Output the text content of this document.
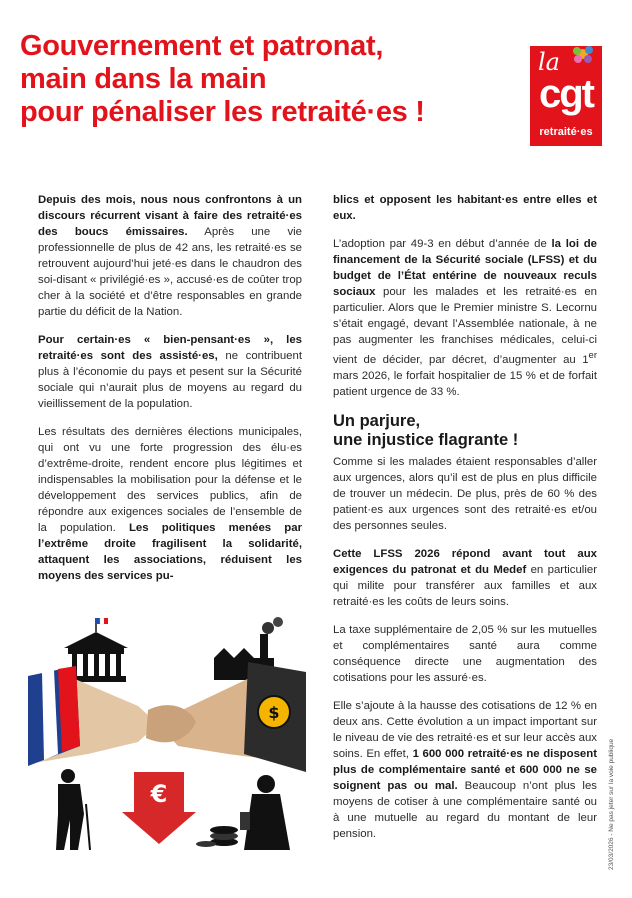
Gouvernement et patronat,
main dans la main
pour pénaliser les retraité·es !
la
cgt
retraité·es

Depuis des mois, nous nous confrontons à un discours récurrent visant à faire des retraité·es des boucs émissaires. Après une vie professionnelle de plus de 42 ans, les retraité·es se retrouvent aujourd’hui jeté·es dans le chaudron des soi-disant « privilégié·es », accusé·es de coûter trop cher à la société et d’être responsables en grande partie du déficit de la Nation.

Pour certain·es « bien-pensant·es », les retraité·es sont des assisté·es, ne contribuent plus à l’économie du pays et pesent sur la Sécurité sociale qui n’aurait plus de moyens au regard du vieillissement de la population.

Les résultats des dernières élections municipales, qui ont vu une forte progression des élu·es d’extrême-droite, rendent encore plus légitimes et indispensables la mobilisation pour la défense et le développement des services publics, afin de répondre aux exigences sociales de l’ensemble de la population. Les politiques menées par l’extrême droite fragilisent la solidarité, attaquent les associations, réduisent les moyens des services pu-

$
€

blics et opposent les habitant·es entre elles et eux.

L’adoption par 49-3 en début d’année de la loi de financement de la Sécurité sociale (LFSS) et du budget de l’État entérine de nouveaux reculs sociaux pour les malades et les retraité·es en particulier. Alors que le Premier ministre S. Lecornu s’était engagé, devant l’Assemblée nationale, à ne pas augmenter les franchises médicales, celui-ci vient de décider, par décret, d’augmenter au 1er mars 2026, le forfait hospitalier de 15 % et de forfait patient urgence de 33 %.

Un parjure,
une injustice flagrante !

Comme si les malades étaient responsables d’aller aux urgences, alors qu’il est de plus en plus difficile de trouver un médecin. De plus, près de 60 % des patient·es aux urgences sont des retraité·es et/ou des personnes seules.

Cette LFSS 2026 répond avant tout aux exigences du patronat et du Medef en particulier qui milite pour transférer aux familles et aux retraité·es les coûts de leurs soins.

La taxe supplémentaire de 2,05 % sur les mutuelles et complémentaires santé aura comme conséquence directe une augmentation des cotisations pour les assuré·es.

Elle s’ajoute à la hausse des cotisations de 12 % en deux ans. Cette évolution a un impact important sur le niveau de vie des retraité·es et sur leur accès aux soins. En effet, 1 600 000 retraité·es ne disposent plus de complémentaire santé et 600 000 ne se soignent pas ou mal. Beaucoup n’ont plus les moyens de cotiser à une complémentaire santé ou à une mutuelle au regard du montant de leur pension.	23/03/2026 - Ne pas jeter sur la voie publique
